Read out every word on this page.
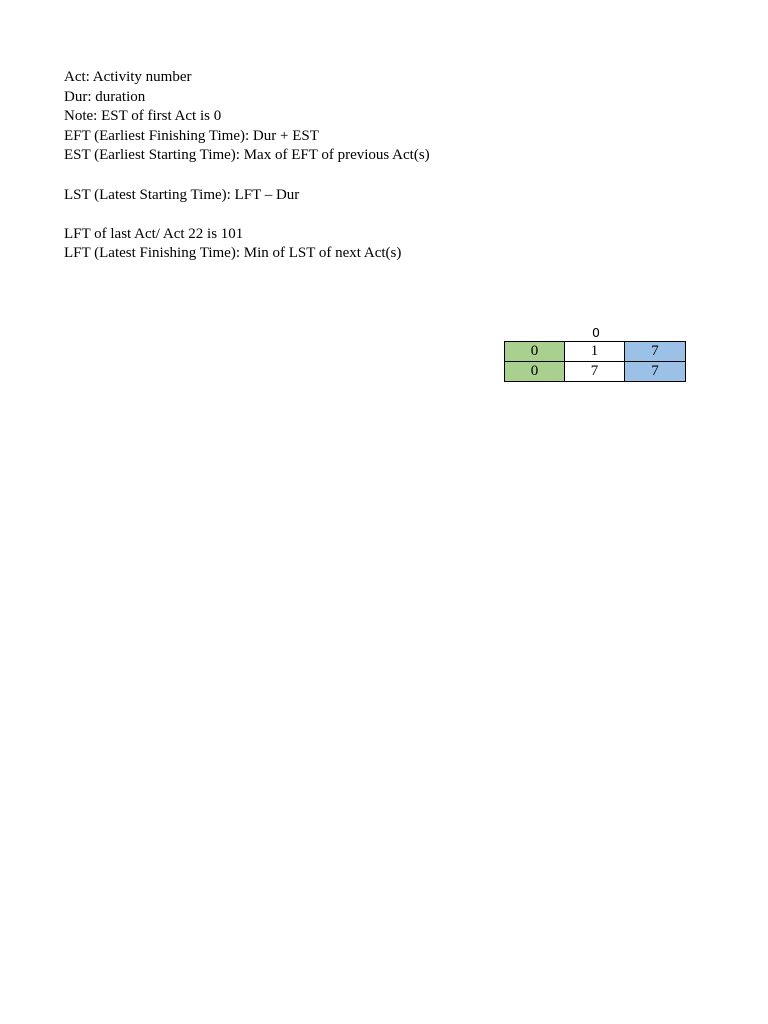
Act: Activity number
Dur: duration
Note: EST of first Act is 0
EFT (Earliest Finishing Time): Dur + EST
EST (Earliest Starting Time): Max of EFT of previous Act(s)
LST (Latest Starting Time): LFT – Dur
LFT of last Act/ Act 22 is 101
LFT (Latest Finishing Time): Min of LST of next Act(s)
0
0	1	7
0	7	7
